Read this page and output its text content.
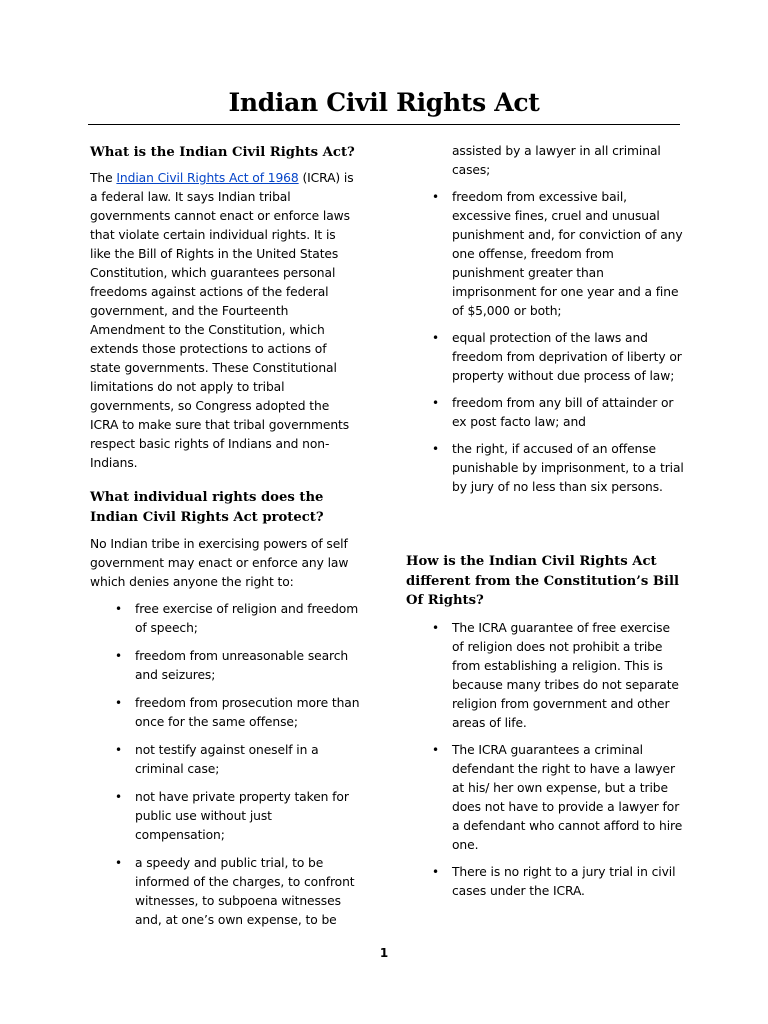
Indian Civil Rights Act
What is the Indian Civil Rights Act?
The Indian Civil Rights Act of 1968 (ICRA) is a federal law. It says Indian tribal governments cannot enact or enforce laws that violate certain individual rights. It is like the Bill of Rights in the United States Constitution, which guarantees personal freedoms against actions of the federal government, and the Fourteenth Amendment to the Constitution, which extends those protections to actions of state governments. These Constitutional limitations do not apply to tribal governments, so Congress adopted the ICRA to make sure that tribal governments respect basic rights of Indians and non-Indians.
What individual rights does the Indian Civil Rights Act protect?
No Indian tribe in exercising powers of self government may enact or enforce any law which denies anyone the right to:
• free exercise of religion and freedom of speech;
• freedom from unreasonable search and seizures;
• freedom from prosecution more than once for the same offense;
• not testify against oneself in a criminal case;
• not have private property taken for public use without just compensation;
• a speedy and public trial, to be informed of the charges, to confront witnesses, to subpoena witnesses and, at one’s own expense, to be
assisted by a lawyer in all criminal cases;
• freedom from excessive bail, excessive fines, cruel and unusual punishment and, for conviction of any one offense, freedom from punishment greater than imprisonment for one year and a fine of $5,000 or both;
• equal protection of the laws and freedom from deprivation of liberty or property without due process of law;
• freedom from any bill of attainder or ex post facto law; and
• the right, if accused of an offense punishable by imprisonment, to a trial by jury of no less than six persons.
How is the Indian Civil Rights Act different from the Constitution’s Bill Of Rights?
• The ICRA guarantee of free exercise of religion does not prohibit a tribe from establishing a religion. This is because many tribes do not separate religion from government and other areas of life.
• The ICRA guarantees a criminal defendant the right to have a lawyer at his/ her own expense, but a tribe does not have to provide a lawyer for a defendant who cannot afford to hire one.
• There is no right to a jury trial in civil cases under the ICRA.
1
